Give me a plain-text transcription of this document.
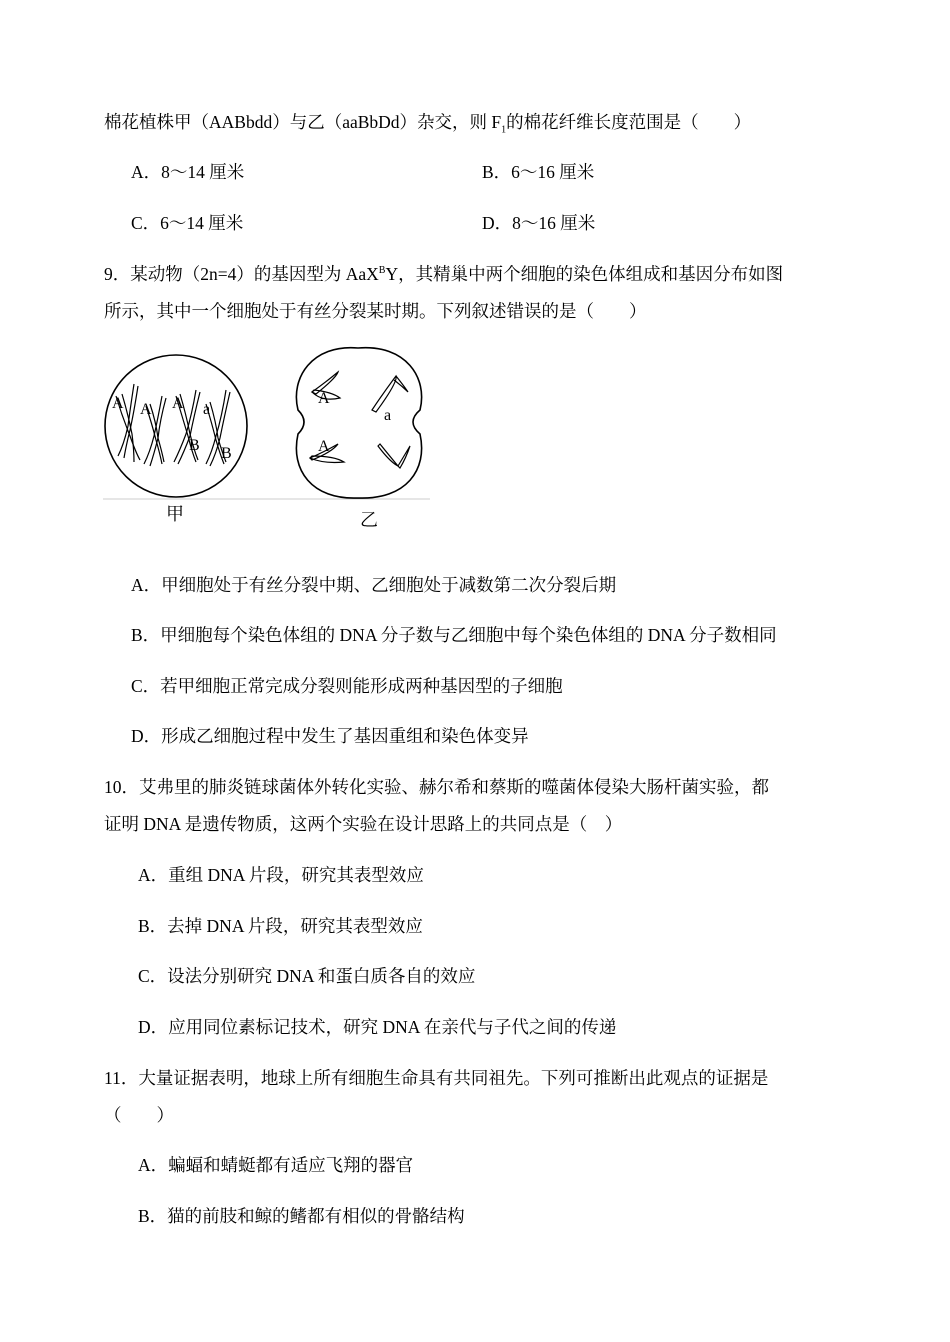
棉花植株甲（AABbdd）与乙（aaBbDd）杂交，则 $F_1$的棉花纤维长度范围是（　　）
A．8～14 厘米	B．6～16 厘米
C．6～14 厘米	D．8～16 厘米
9．某动物（2n=4）的基因型为 AaX$^B$Y，其精巢中两个细胞的染色体组成和基因分布如图
所示，其中一个细胞处于有丝分裂某时期。下列叙述错误的是（　　）
A A A a
B B
A
a
A
甲	乙
A．甲细胞处于有丝分裂中期、乙细胞处于减数第二次分裂后期
B．甲细胞每个染色体组的 DNA 分子数与乙细胞中每个染色体组的 DNA 分子数相同
C．若甲细胞正常完成分裂则能形成两种基因型的子细胞
D．形成乙细胞过程中发生了基因重组和染色体变异
10．艾弗里的肺炎链球菌体外转化实验、赫尔希和蔡斯的噬菌体侵染大肠杆菌实验，都
证明 DNA 是遗传物质，这两个实验在设计思路上的共同点是（　）
A．重组 DNA 片段，研究其表型效应
B．去掉 DNA 片段，研究其表型效应
C．设法分别研究 DNA 和蛋白质各自的效应
D．应用同位素标记技术，研究 DNA 在亲代与子代之间的传递
11．大量证据表明，地球上所有细胞生命具有共同祖先。下列可推断出此观点的证据是
（　　）
A．蝙蝠和蜻蜓都有适应飞翔的器官
B．猫的前肢和鲸的鳍都有相似的骨骼结构
